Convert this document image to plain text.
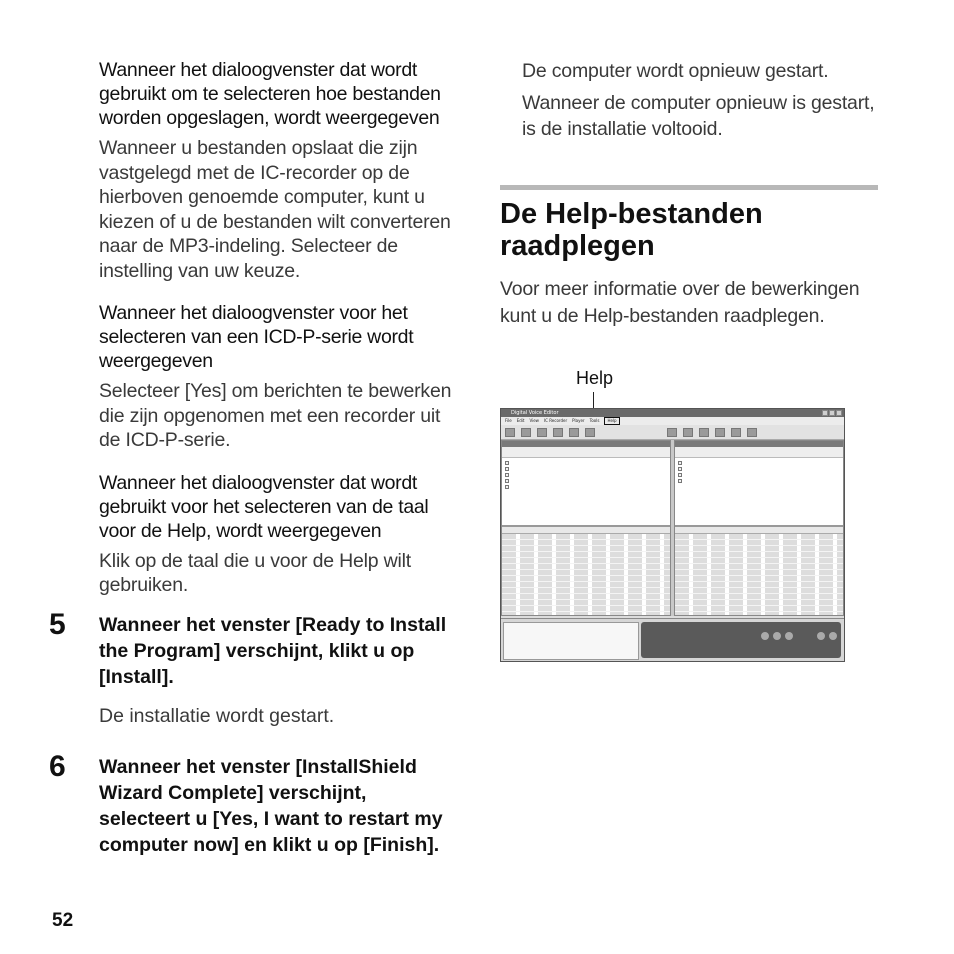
Wanneer het dialoogvenster dat wordt gebruikt om te selecteren hoe bestanden worden opgeslagen, wordt weergegeven

Wanneer u bestanden opslaat die zijn vastgelegd met de IC-recorder op de hierboven genoemde computer, kunt u kiezen of u de bestanden wilt converteren naar de MP3-indeling. Selecteer de instelling van uw keuze.

Wanneer het dialoogvenster voor het selecteren van een ICD-P-serie wordt weergegeven

Selecteer [Yes] om berichten te bewerken die zijn opgenomen met een recorder uit de ICD-P-serie.

Wanneer het dialoogvenster dat wordt gebruikt voor het selecteren van de taal voor de Help, wordt weergegeven

Klik op de taal die u voor de Help wilt gebruiken.

5 Wanneer het venster [Ready to Install the Program] verschijnt, klikt u op [Install].

De installatie wordt gestart.

6 Wanneer het venster [InstallShield Wizard Complete] verschijnt, selecteert u [Yes, I want to restart my computer now] en klikt u op [Finish].

De computer wordt opnieuw gestart.

Wanneer de computer opnieuw is gestart, is de installatie voltooid.

De Help-bestanden raadplegen

Voor meer informatie over de bewerkingen kunt u de Help-bestanden raadplegen.

Help
Digital Voice Editor
File Edit View IC Recorder Player Tools	Help
52
